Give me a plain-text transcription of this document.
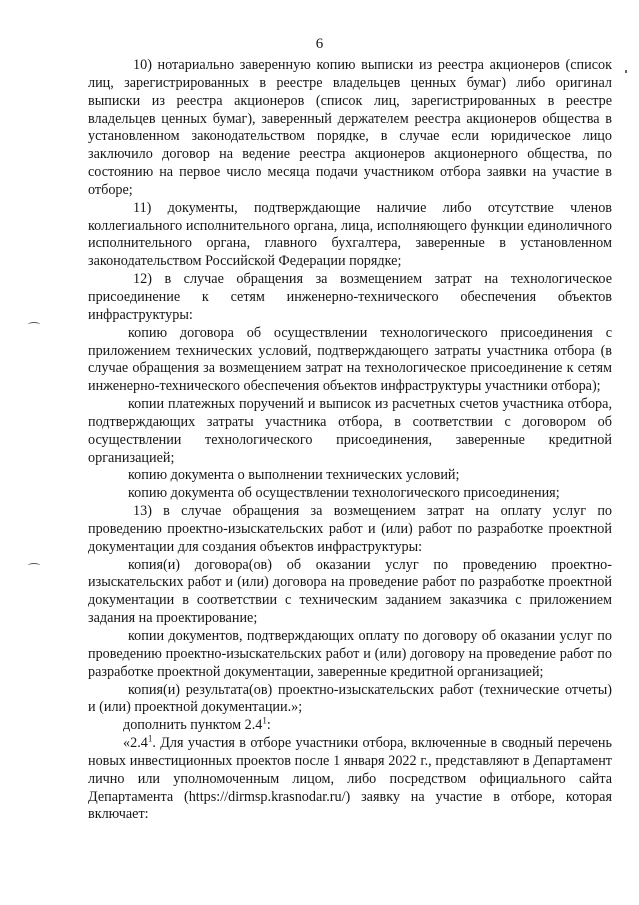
6

10) нотариально заверенную копию выписки из реестра акционеров (список лиц, зарегистрированных в реестре владельцев ценных бумаг) либо оригинал выписки из реестра акционеров (список лиц, зарегистрированных в реестре владельцев ценных бумаг), заверенный держателем реестра акционеров общества в установленном законодательством порядке, в случае если юридическое лицо заключило договор на ведение реестра акционеров акционерного общества, по состоянию на первое число месяца подачи участником отбора заявки на участие в отборе;

11) документы, подтверждающие наличие либо отсутствие членов коллегиального исполнительного органа, лица, исполняющего функции единоличного исполнительного органа, главного бухгалтера, заверенные в установленном законодательством Российской Федерации порядке;

12) в случае обращения за возмещением затрат на технологическое присоединение к сетям инженерно-технического обеспечения объектов инфраструктуры:

копию договора об осуществлении технологического присоединения с приложением технических условий, подтверждающего затраты участника отбора (в случае обращения за возмещением затрат на технологическое присоединение к сетям инженерно-технического обеспечения объектов инфраструктуры участники отбора);

копии платежных поручений и выписок из расчетных счетов участника отбора, подтверждающих затраты участника отбора, в соответствии с договором об осуществлении технологического присоединения, заверенные кредитной организацией;

копию документа о выполнении технических условий;

копию документа об осуществлении технологического присоединения;

13) в случае обращения за возмещением затрат на оплату услуг по проведению проектно-изыскательских работ и (или) работ по разработке проектной документации для создания объектов инфраструктуры:

копия(и) договора(ов) об оказании услуг по проведению проектно-изыскательских работ и (или) договора на проведение работ по разработке проектной документации в соответствии с техническим заданием заказчика с приложением задания на проектирование;

копии документов, подтверждающих оплату по договору об оказании услуг по проведению проектно-изыскательских работ и (или) договору на проведение работ по разработке проектной документации, заверенные кредитной организацией;

копия(и) результата(ов) проектно-изыскательских работ (технические отчеты) и (или) проектной документации.»;

дополнить пунктом $2.4^1$:

«$2.4^1$. Для участия в отборе участники отбора, включенные в сводный перечень новых инвестиционных проектов после 1 января 2022 г., представляют в Департамент лично или уполномоченным лицом, либо посредством официального сайта Департамента (https://dirmsp.krasnodar.ru/) заявку на участие в отборе, которая включает:
